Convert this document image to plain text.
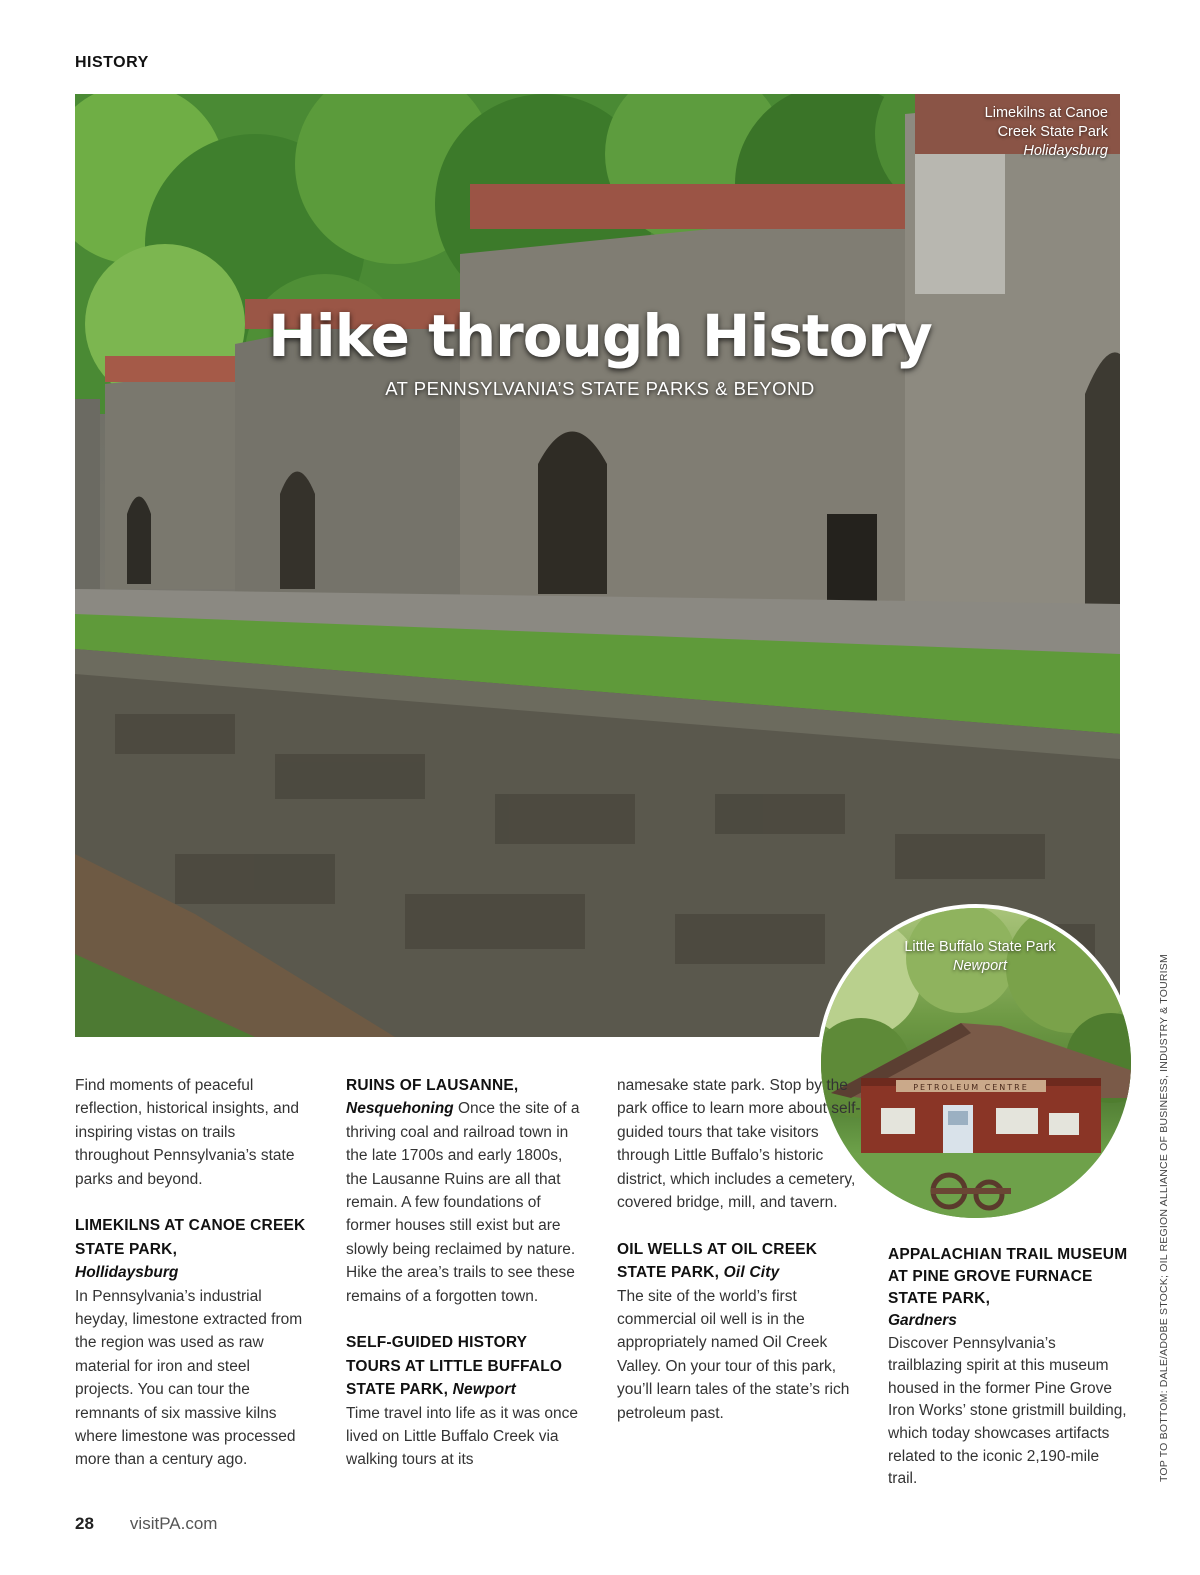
HISTORY
Limekilns at Canoe
Creek State Park
Holidaysburg
Hike through History
AT PENNSYLVANIA’S STATE PARKS & BEYOND
PETROLEUM CENTRE
Little Buffalo State Park
Newport

Find moments of peaceful reflection, historical insights, and inspiring vistas on trails throughout Pennsylvania’s state parks and beyond.

LIMEKILNS AT CANOE CREEK STATE PARK,

Hollidaysburg

In Pennsylvania’s industrial heyday, limestone extracted from the region was used as raw material for iron and steel projects. You can tour the remnants of six massive kilns where limestone was processed more than a century ago.

RUINS OF LAUSANNE,

Nesquehoning Once the site of a thriving coal and railroad town in the late 1700s and early 1800s, the Lausanne Ruins are all that remain. A few foundations of former houses still exist but are slowly being reclaimed by nature. Hike the area’s trails to see these remains of a forgotten town.

SELF-GUIDED HISTORY TOURS AT LITTLE BUFFALO STATE PARK, Newport

Time travel into life as it was once lived on Little Buffalo Creek via walking tours at its

namesake state park. Stop by the park office to learn more about self-guided tours that take visitors through Little Buffalo’s historic district, which includes a cemetery, covered bridge, mill, and tavern.

OIL WELLS AT OIL CREEK STATE PARK, Oil City

The site of the world’s first commercial oil well is in the appropriately named Oil Creek Valley. On your tour of this park, you’ll learn tales of the state’s rich petroleum past.

APPALACHIAN TRAIL MUSEUM AT PINE GROVE FURNACE STATE PARK,

Gardners

Discover Pennsylvania’s trailblazing spirit at this museum housed in the former Pine Grove Iron Works’ stone gristmill building, which today showcases artifacts related to the iconic 2,190-mile trail.	TOP TO BOTTOM: DALE/ADOBE STOCK; OIL REGION ALLIANCE OF BUSINESS, INDUSTRY & TOURISM
28 visitPA.com
